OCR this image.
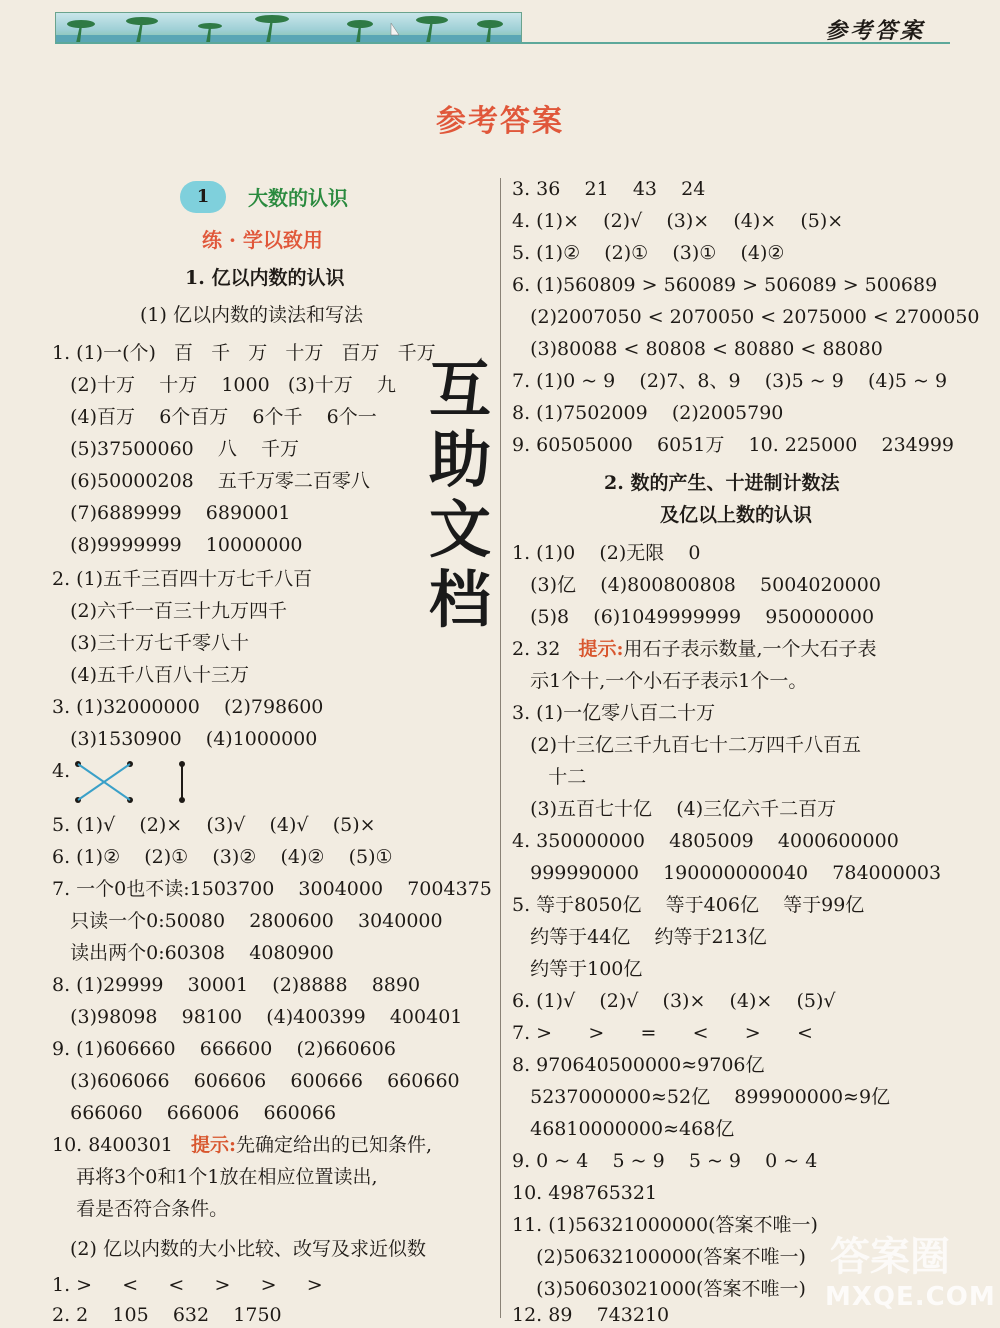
参考答案
参考答案
1	大数的认识
练 · 学以致用
1. 亿以内数的认识
(1) 亿以内数的读法和写法
1. (1)一(个)   百   千   万   十万   百万   千万
(2)十万    十万    1000   (3)十万    九
(4)百万    6个百万    6个千    6个一
(5)37500060    八    千万
(6)50000208    五千万零二百零八
(7)6889999    6890001
(8)9999999    10000000
2. (1)五千三百四十万七千八百
(2)六千一百三十九万四千
(3)三十万七千零八十
(4)五千八百八十三万
3. (1)32000000    (2)798600
(3)1530900    (4)1000000
4.
5. (1)√    (2)×    (3)√    (4)√    (5)×
6. (1)②    (2)①    (3)②    (4)②    (5)①
7. 一个0也不读:1503700    3004000    7004375
只读一个0:50080    2800600    3040000
读出两个0:60308    4080900
8. (1)29999    30001    (2)8888    8890
(3)98098    98100    (4)400399    400401
9. (1)606660    666600    (2)660606
(3)606066    606606    600666    660660
666060    666006    660066
10. 8400301   提示:先确定给出的已知条件,
再将3个0和1个1放在相应位置读出,
看是否符合条件。
(2) 亿以内数的大小比较、改写及求近似数
1. >     <     <     >     >     >
2. 2    105    632    1750
互助文档
3. 36    21    43    24
4. (1)×    (2)√    (3)×    (4)×    (5)×
5. (1)②    (2)①    (3)①    (4)②
6. (1)560809 > 560089 > 506089 > 500689
(2)2007050 < 2070050 < 2075000 < 2700050
(3)80088 < 80808 < 80880 < 88080
7. (1)0 ~ 9    (2)7、8、9    (3)5 ~ 9    (4)5 ~ 9
8. (1)7502009    (2)2005790
9. 60505000    6051万    10. 225000    234999
2. 数的产生、十进制计数法
及亿以上数的认识
1. (1)0    (2)无限    0
(3)亿    (4)800800808    5004020000
(5)8    (6)1049999999    950000000
2. 32   提示:用石子表示数量,一个大石子表
示1个十,一个小石子表示1个一。
3. (1)一亿零八百二十万
(2)十三亿三千九百七十二万四千八百五
十二
(3)五百七十亿    (4)三亿六千二百万
4. 350000000    4805009    4000600000
999990000    190000000040    784000003
5. 等于8050亿    等于406亿    等于99亿
约等于44亿    约等于213亿
约等于100亿
6. (1)√    (2)√    (3)×    (4)×    (5)√
7. >      >      =      <      >      <
8. 970640500000≈9706亿
5237000000≈52亿    899900000≈9亿
46810000000≈468亿
9. 0 ~ 4    5 ~ 9    5 ~ 9    0 ~ 4
10. 498765321
11. (1)56321000000(答案不唯一)
(2)50632100000(答案不唯一)
(3)50603021000(答案不唯一)
12. 89    743210
答案圈
MXQE.COM
